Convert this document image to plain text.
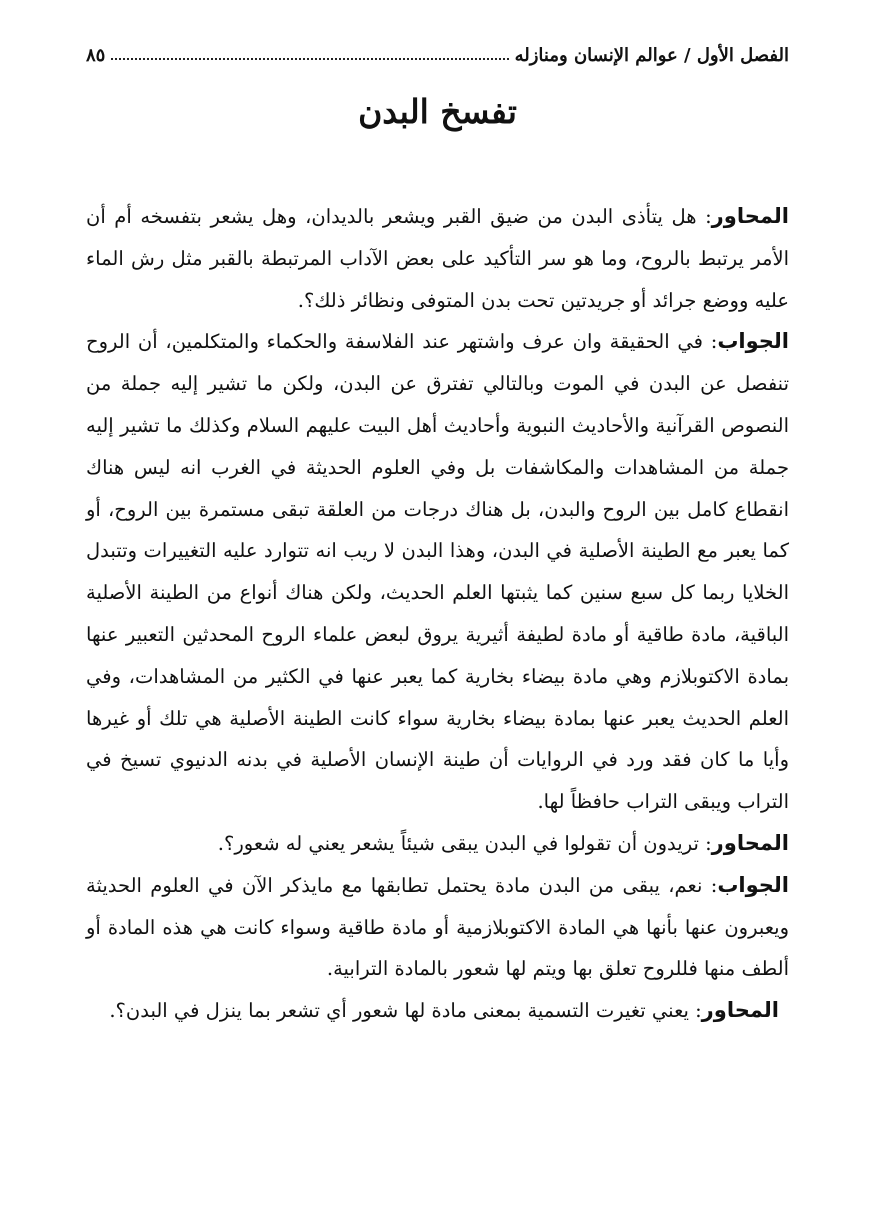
الفصل الأول / عوالم الإنسان ومنازله
٨٥
تفسخ البدن

المحاور: هل يتأذى البدن من ضيق القبر ويشعر بالديدان، وهل يشعر بتفسخه أم أن الأمر يرتبط بالروح، وما هو سر التأكيد على بعض الآداب المرتبطة بالقبر مثل رش الماء عليه ووضع جرائد أو جريدتين تحت بدن المتوفى ونظائر ذلك؟.

الجواب: في الحقيقة وان عرف واشتهر عند الفلاسفة والحكماء والمتكلمين، أن الروح تنفصل عن البدن في الموت وبالتالي تفترق عن البدن، ولكن ما تشير إليه جملة من النصوص القرآنية والأحاديث النبوية وأحاديث أهل البيت عليهم السلام وكذلك ما تشير إليه جملة من المشاهدات والمكاشفات بل وفي العلوم الحديثة في الغرب انه ليس هناك انقطاع كامل بين الروح والبدن، بل هناك درجات من العلقة تبقى مستمرة بين الروح، أو كما يعبر مع الطينة الأصلية في البدن، وهذا البدن لا ريب انه تتوارد عليه التغييرات وتتبدل الخلايا ربما كل سبع سنين كما يثبتها العلم الحديث، ولكن هناك أنواع من الطينة الأصلية الباقية، مادة طاقية أو مادة لطيفة أثيرية يروق لبعض علماء الروح المحدثين التعبير عنها بمادة الاكتوبلازم وهي مادة بيضاء بخارية كما يعبر عنها في الكثير من المشاهدات، وفي العلم الحديث يعبر عنها بمادة بيضاء بخارية سواء كانت الطينة الأصلية هي تلك أو غيرها وأيا ما كان فقد ورد في الروايات أن طينة الإنسان الأصلية في بدنه الدنيوي تسيخ في التراب ويبقى التراب حافظاً لها.

المحاور: تريدون أن تقولوا في البدن يبقى شيئاً يشعر يعني له شعور؟.

الجواب: نعم، يبقى من البدن مادة يحتمل تطابقها مع مايذكر الآن في العلوم الحديثة ويعبرون عنها بأنها هي المادة الاكتوبلازمية أو مادة طاقية وسواء كانت هي هذه المادة أو ألطف منها فللروح تعلق بها ويتم لها شعور بالمادة الترابية.

المحاور: يعني تغيرت التسمية بمعنى مادة لها شعور أي تشعر بما ينزل في البدن؟.
